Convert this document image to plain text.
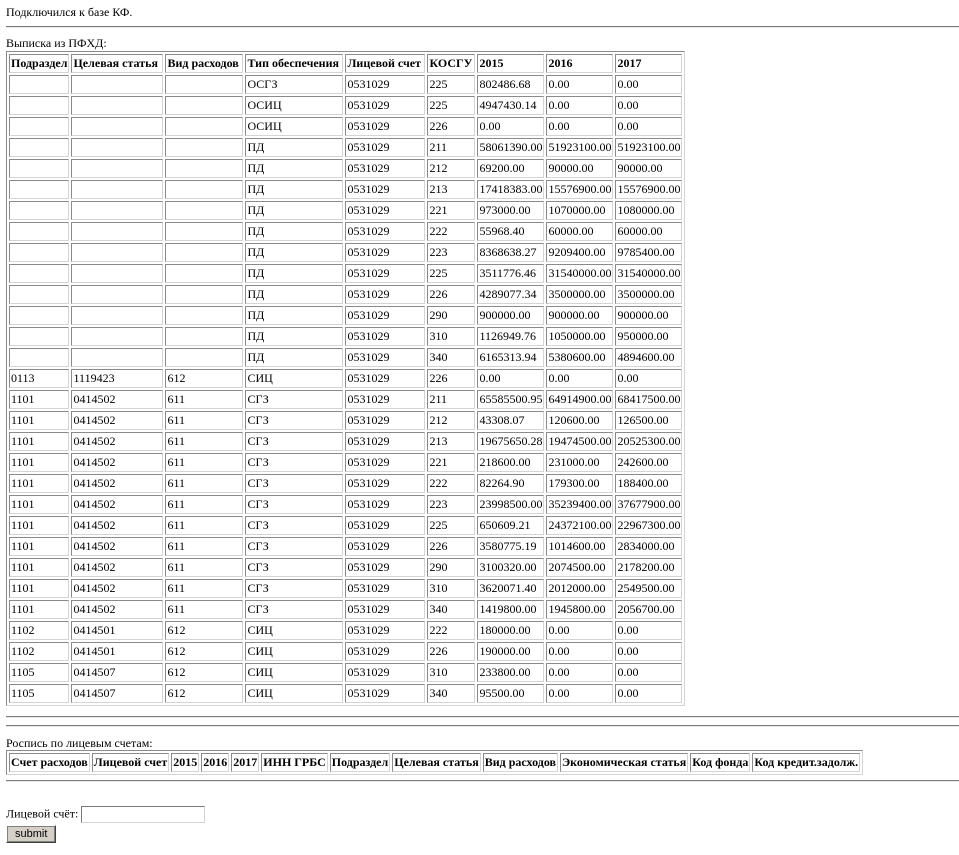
Подключился к базе КФ.
Выписка из ПФХД:
Подраздел	Целевая статья	Вид расходов	Тип обеспечения	Лицевой счет	КОСГУ	2015	2016	2017
			ОСГЗ	0531029	225	802486.68	0.00	0.00
			ОСИЦ	0531029	225	4947430.14	0.00	0.00
			ОСИЦ	0531029	226	0.00	0.00	0.00
			ПД	0531029	211	58061390.00	51923100.00	51923100.00
			ПД	0531029	212	69200.00	90000.00	90000.00
			ПД	0531029	213	17418383.00	15576900.00	15576900.00
			ПД	0531029	221	973000.00	1070000.00	1080000.00
			ПД	0531029	222	55968.40	60000.00	60000.00
			ПД	0531029	223	8368638.27	9209400.00	9785400.00
			ПД	0531029	225	3511776.46	31540000.00	31540000.00
			ПД	0531029	226	4289077.34	3500000.00	3500000.00
			ПД	0531029	290	900000.00	900000.00	900000.00
			ПД	0531029	310	1126949.76	1050000.00	950000.00
			ПД	0531029	340	6165313.94	5380600.00	4894600.00
0113	1119423	612	СИЦ	0531029	226	0.00	0.00	0.00
1101	0414502	611	СГЗ	0531029	211	65585500.95	64914900.00	68417500.00
1101	0414502	611	СГЗ	0531029	212	43308.07	120600.00	126500.00
1101	0414502	611	СГЗ	0531029	213	19675650.28	19474500.00	20525300.00
1101	0414502	611	СГЗ	0531029	221	218600.00	231000.00	242600.00
1101	0414502	611	СГЗ	0531029	222	82264.90	179300.00	188400.00
1101	0414502	611	СГЗ	0531029	223	23998500.00	35239400.00	37677900.00
1101	0414502	611	СГЗ	0531029	225	650609.21	24372100.00	22967300.00
1101	0414502	611	СГЗ	0531029	226	3580775.19	1014600.00	2834000.00
1101	0414502	611	СГЗ	0531029	290	3100320.00	2074500.00	2178200.00
1101	0414502	611	СГЗ	0531029	310	3620071.40	2012000.00	2549500.00
1101	0414502	611	СГЗ	0531029	340	1419800.00	1945800.00	2056700.00
1102	0414501	612	СИЦ	0531029	222	180000.00	0.00	0.00
1102	0414501	612	СИЦ	0531029	226	190000.00	0.00	0.00
1105	0414507	612	СИЦ	0531029	310	233800.00	0.00	0.00
1105	0414507	612	СИЦ	0531029	340	95500.00	0.00	0.00
Роспись по лицевым счетам:
Счет расходов	Лицевой счет	2015	2016	2017	ИНН ГРБС	Подраздел	Целевая статья	Вид расходов	Экономическая статья	Код фонда	Код кредит.задолж.
Лицевой счёт:
submit
